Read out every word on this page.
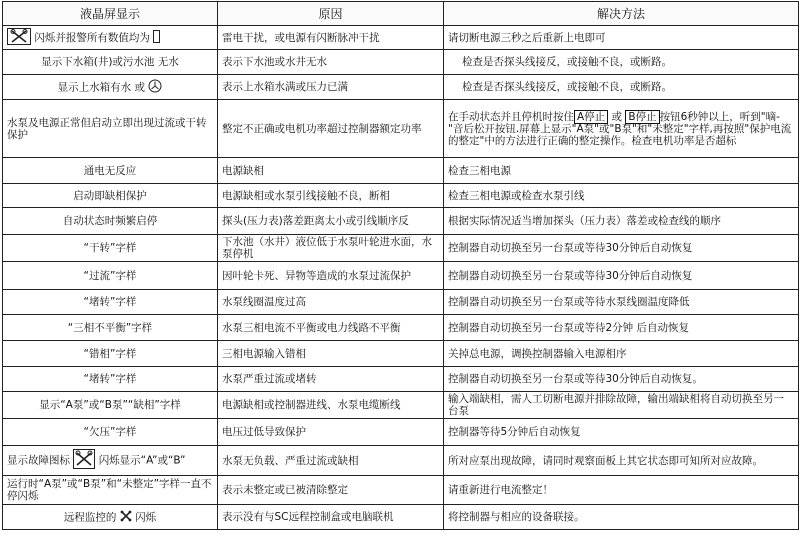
液晶屏显示	原因	解决方法
闪烁并报警所有数值均为	雷电干扰，或电源有闪断脉冲干扰	请切断电源三秒之后重新上电即可
显示下水箱(井)或污水池 无水	表示下水池或水井无水	检查是否探头线接反，或接触不良，或断路。
显示上水箱有水 或	表示上水箱水满或压力已满	检查是否探头线接反，或接触不良，或断路。
水泵及电源正常但启动立即出现过流或干转保护	整定不正确或电机功率超过控制器额定功率	在手动状态并且停机时按住 A停止 或 B停止 按钮6秒钟以上，听到"嘀-"音后松开按钮.屏幕上显示"A泵"或"B泵"和"未整定"字样,再按照"保护电流的整定"中的方法进行正确的整定操作。检查电机功率是否超标
通电无反应	电源缺相	检查三相电源
启动即缺相保护	电源缺相或水泵引线接触不良，断相	检查三相电源或检查水泵引线
自动状态时频繁启停	探头(压力表)落差距离太小或引线顺序反	根据实际情况适当增加探头（压力表）落差或检查线的顺序
“干转”字样	下水池（水井）液位低于水泵叶轮进水面，水泵停机	控制器自动切换至另一台泵或等待30分钟后自动恢复
“过流”字样	因叶轮卡死、异物等造成的水泵过流保护	控制器自动切换至另一台泵或等待30分钟后自动恢复
“堵转”字样	水泵线圈温度过高	控制器自动切换至另一台泵或等待水泵线圈温度降低
“三相不平衡”字样	水泵三相电流不平衡或电力线路不平衡	控制器自动切换至另一台泵或等待2分钟 后自动恢复
“错相”字样	三相电源输入错相	关掉总电源，调换控制器输入电源相序
“堵转”字样	水泵严重过流或堵转	控制器自动切换至另一台泵或等待30分钟后自动恢复。
显示“A泵”或“B泵”“缺相”字样	电源缺相或控制器进线、水泵电缆断线	输入端缺相，需人工切断电源并排除故障，输出端缺相将自动切换至另一台泵
“欠压”字样	电压过低导致保护	控制器等待5分钟后自动恢复
显示故障图标 闪烁显示“A”或“B”	水泵无负载、严重过流或缺相	所对应泵出现故障，请同时观察面板上其它状态即可知所对应故障。
运行时“A泵”或“B泵”和“未整定”字样一直不停闪烁	表示未整定或已被清除整定	请重新进行电流整定！
远程监控的 闪烁	表示没有与SC远程控制盒或电脑联机	将控制器与相应的设备联接。
